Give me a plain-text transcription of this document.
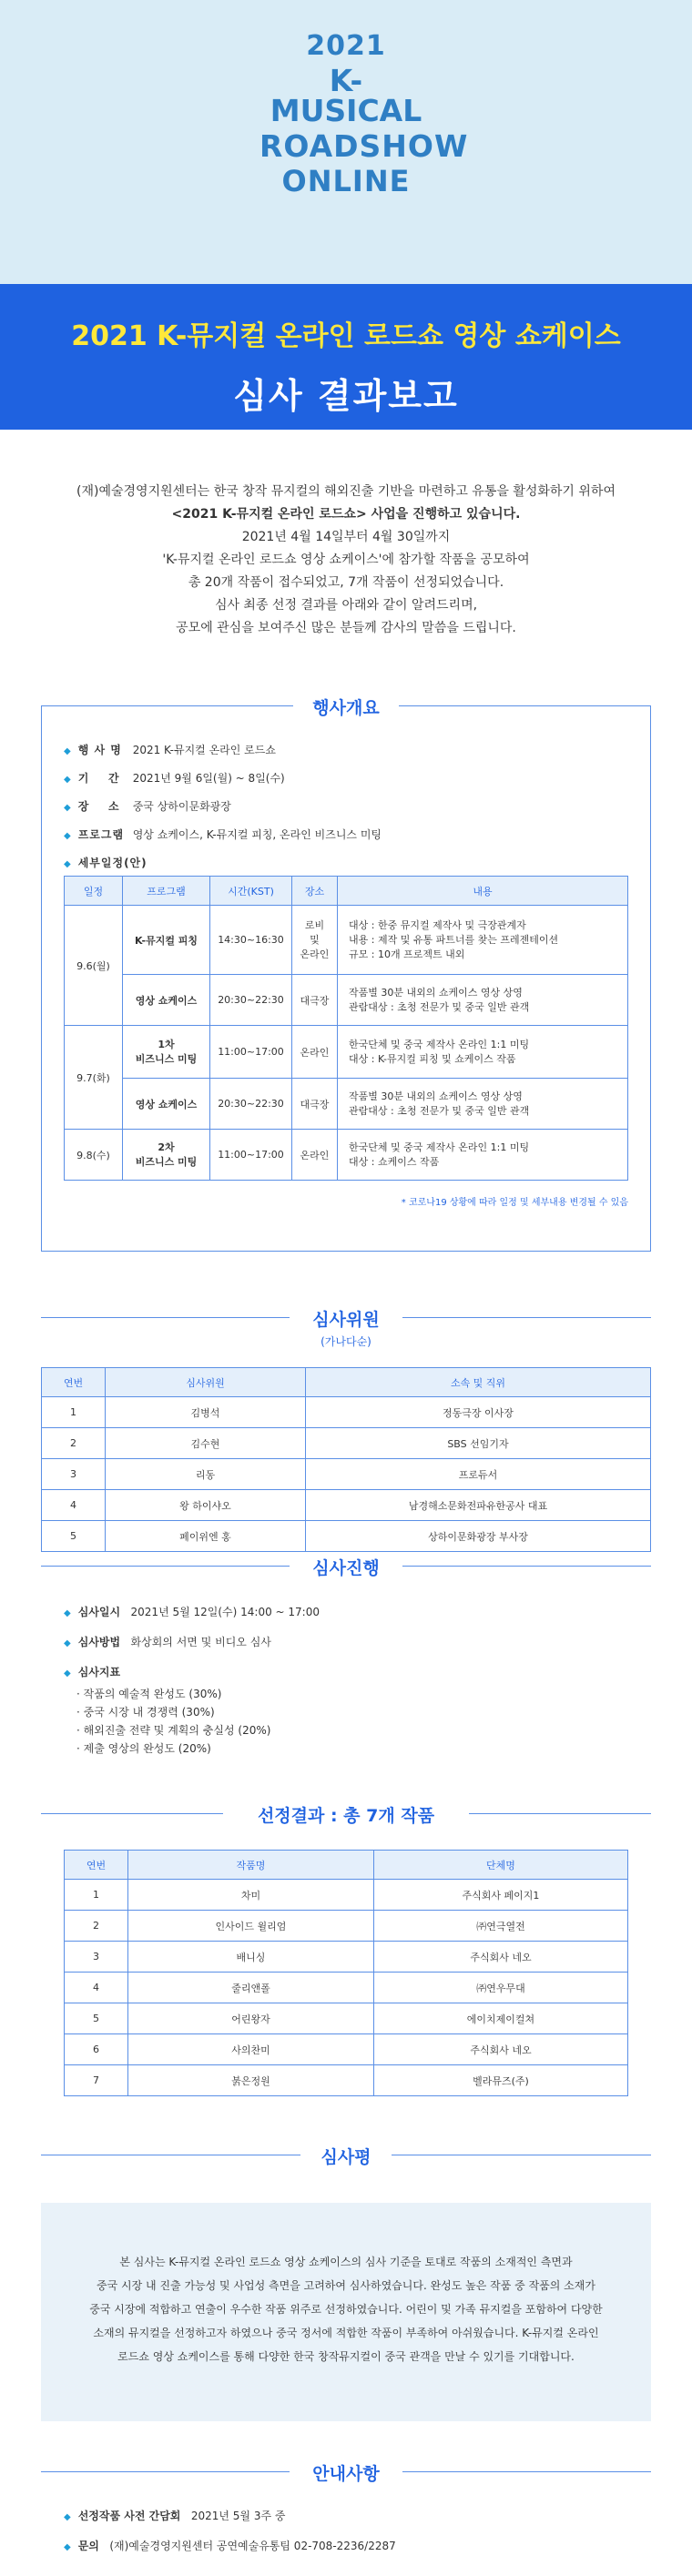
2021
K-MUSICAL
ROADSHOW
ONLINE
2021 K-뮤지컬 온라인 로드쇼 영상 쇼케이스
심사 결과보고
(재)예술경영지원센터는 한국 창작 뮤지컬의 해외진출 기반을 마련하고 유통을 활성화하기 위하여
<2021 K-뮤지컬 온라인 로드쇼> 사업을 진행하고 있습니다.
2021년 4월 14일부터 4월 30일까지
'K-뮤지컬 온라인 로드쇼 영상 쇼케이스'에 참가할 작품을 공모하여
총 20개 작품이 접수되었고, 7개 작품이 선정되었습니다.
심사 최종 선정 결과를 아래와 같이 알려드리며,
공모에 관심을 보여주신 많은 분들께 감사의 말씀을 드립니다.
행사개요
◆ 행 사 명 2021 K-뮤지컬 온라인 로드쇼
◆ 기    간	2021년 9월 6일(월) ~ 8일(수)
◆ 장    소	중국 상하이문화광장
◆ 프로그램 영상 쇼케이스, K-뮤지컬 피칭, 온라인 비즈니스 미팅
◆ 세부일정(안)
일정	프로그램	시간(KST)	장소	내용
9.6(월)	K-뮤지컬 피칭	14:30~16:30	로비
및
온라인	대상 : 한중 뮤지컬 제작사 및 극장관계자
내용 : 제작 및 유통 파트너를 찾는 프레젠테이션
규모 : 10개 프로젝트 내외
	영상 쇼케이스	20:30~22:30	대극장	작품별 30분 내외의 쇼케이스 영상 상영
관람대상 : 초청 전문가 및 중국 일반 관객
9.7(화)	1차
비즈니스 미팅	11:00~17:00	온라인	한국단체 및 중국 제작사 온라인 1:1 미팅
대상 : K-뮤지컬 피칭 및 쇼케이스 작품
	영상 쇼케이스	20:30~22:30	대극장	작품별 30분 내외의 쇼케이스 영상 상영
관람대상 : 초청 전문가 및 중국 일반 관객
9.8(수)	2차
비즈니스 미팅	11:00~17:00	온라인	한국단체 및 중국 제작사 온라인 1:1 미팅
대상 : 쇼케이스 작품
* 코로나19 상황에 따라 일정 및 세부내용 변경될 수 있음
심사위원
(가나다순)
연번	심사위원	소속 및 직위
1	김병석	정동극장 이사장
2	김수현	SBS 선임기자
3	리동	프로듀서
4	왕 하이샤오	남경해소문화전파유한공사 대표
5	페이위엔 홍	상하이문화광장 부사장
심사진행
◆ 심사일시 2021년 5월 12일(수) 14:00 ~ 17:00
◆ 심사방법 화상회의 서면 및 비디오 심사
◆ 심사지표
· 작품의 예술적 완성도 (30%)
· 중국 시장 내 경쟁력 (30%)
· 해외진출 전략 및 계획의 충실성 (20%)
· 제출 영상의 완성도 (20%)
선정결과 : 총 7개 작품
연번	작품명	단체명
1	차미	주식회사 페이지1
2	인사이드 윌리엄	㈜연극열전
3	배니싱	주식회사 네오
4	줄리앤폴	㈜연우무대
5	어린왕자	에이치제이컬쳐
6	사의찬미	주식회사 네오
7	붉은정원	벨라뮤즈(주)
심사평
본 심사는 K-뮤지컬 온라인 로드쇼 영상 쇼케이스의 심사 기준을 토대로 작품의 소재적인 측면과
중국 시장 내 진출 가능성 및 사업성 측면을 고려하여 심사하였습니다. 완성도 높은 작품 중 작품의 소재가
중국 시장에 적합하고 연출이 우수한 작품 위주로 선정하였습니다. 어린이 및 가족 뮤지컬을 포함하여 다양한
소재의 뮤지컬을 선정하고자 하였으나 중국 정서에 적합한 작품이 부족하여 아쉬웠습니다. K-뮤지컬 온라인
로드쇼 영상 쇼케이스를 통해 다양한 한국 창작뮤지컬이 중국 관객을 만날 수 있기를 기대합니다.
안내사항
◆ 선정작품 사전 간담회 2021년 5월 3주 중
◆ 문의 (재)예술경영지원센터 공연예술유통팀 02-708-2236/2287
